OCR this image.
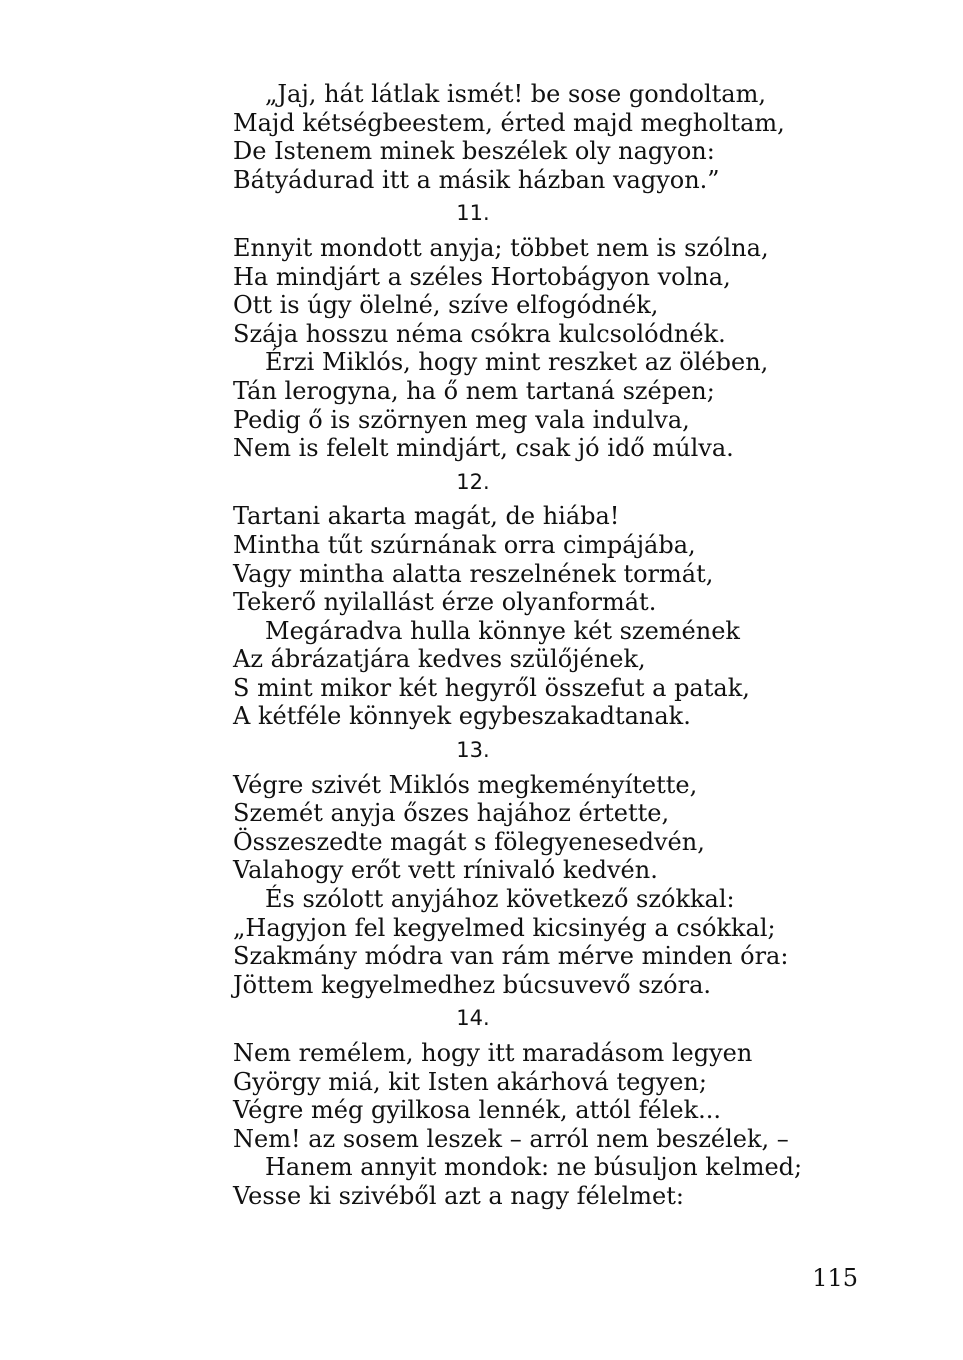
„Jaj, hát látlak ismét! be sose gondoltam,
Majd kétségbeestem, érted majd megholtam,
De Istenem minek beszélek oly nagyon:
Bátyádurad itt a másik házban vagyon.”
11.
Ennyit mondott anyja; többet nem is szólna,
Ha mindjárt a széles Hortobágyon volna,
Ott is úgy ölelné, szíve elfogódnék,
Szája hosszu néma csókra kulcsolódnék.
Érzi Miklós, hogy mint reszket az ölében,
Tán lerogyna, ha ő nem tartaná szépen;
Pedig ő is szörnyen meg vala indulva,
Nem is felelt mindjárt, csak jó idő múlva.
12.
Tartani akarta magát, de hiába!
Mintha tűt szúrnának orra cimpájába,
Vagy mintha alatta reszelnének tormát,
Tekerő nyilallást érze olyanformát.
Megáradva hulla könnye két szemének
Az ábrázatjára kedves szülőjének,
S mint mikor két hegyről összefut a patak,
A kétféle könnyek egybeszakadtanak.
13.
Végre szivét Miklós megkeményítette,
Szemét anyja őszes hajához értette,
Összeszedte magát s fölegyenesedvén,
Valahogy erőt vett rínivaló kedvén.
És szólott anyjához következő szókkal:
„Hagyjon fel kegyelmed kicsinyég a csókkal;
Szakmány módra van rám mérve minden óra:
Jöttem kegyelmedhez búcsuvevő szóra.
14.
Nem remélem, hogy itt maradásom legyen
György miá, kit Isten akárhová tegyen;
Végre még gyilkosa lennék, attól félek...
Nem! az sosem leszek – arról nem beszélek, –
Hanem annyit mondok: ne búsuljon kelmed;
Vesse ki szivéből azt a nagy félelmet:
115
